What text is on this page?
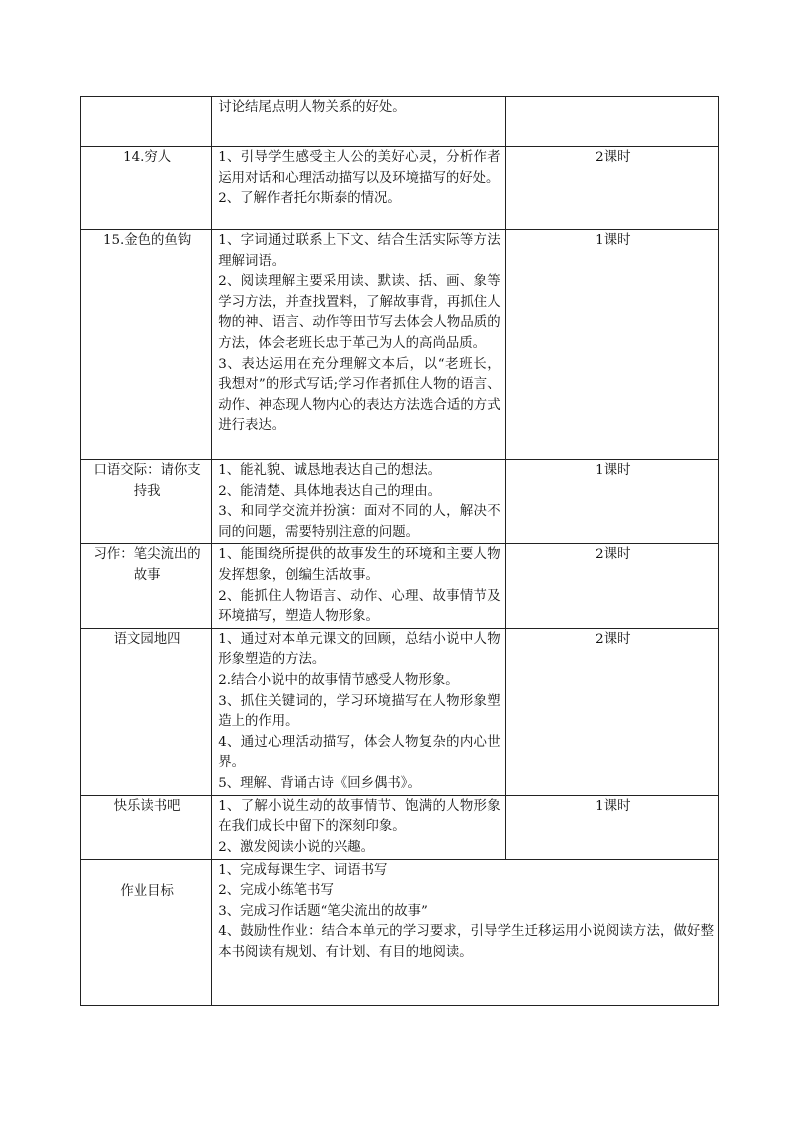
	讨论结尾点明人物关系的好处。	

14.穷人	1、引导学生感受主人公的美好心灵，分析作者运用对话和心理活动描写以及环境描写的好处。
2、了解作者托尔斯泰的情况。	2课时
15.金色的鱼钩	1、字词通过联系上下文、结合生活实际等方法理解词语。
2、阅读理解主要采用读、默读、括、画、象等学习方法，并查找置料，了解故事背，再抓住人物的神、语言、动作等田节写去体会人物品质的方法，体会老班长忠于革己为人的高尚品质。
3、表达运用在充分理解文本后，以“老班长，我想对”的形式写话;学习作者抓住人物的语言、动作、神态现人物内心的表达方法选合适的方式进行表达。	1课时
口语交际：请你支持我	1、能礼貌、诚恳地表达自己的想法。
2、能清楚、具体地表达自己的理由。
3、和同学交流并扮演：面对不同的人，解决不同的问题，需要特别注意的问题。	1课时
习作：笔尖流出的故事	1、能围绕所提供的故事发生的环境和主要人物发挥想象，创编生活故事。
2、能抓住人物语言、动作、心理、故事情节及环境描写，塑造人物形象。	2课时
语文园地四	1、通过对本单元课文的回顾，总结小说中人物形象塑造的方法。
2.结合小说中的故事情节感受人物形象。
3、抓住关键词的，学习环境描写在人物形象塑造上的作用。
4、通过心理活动描写，体会人物复杂的内心世界。
5、理解、背诵古诗《回乡偶书》。	2课时
快乐读书吧	1、了解小说生动的故事情节、饱满的人物形象在我们成长中留下的深刻印象。
2、激发阅读小说的兴趣。	1课时
作业目标	1、完成每课生字、词语书写
2、完成小练笔书写
3、完成习作话题“笔尖流出的故事”
4、鼓励性作业：结合本单元的学习要求，引导学生迁移运用小说阅读方法，做好整本书阅读有规划、有计划、有目的地阅读。	
